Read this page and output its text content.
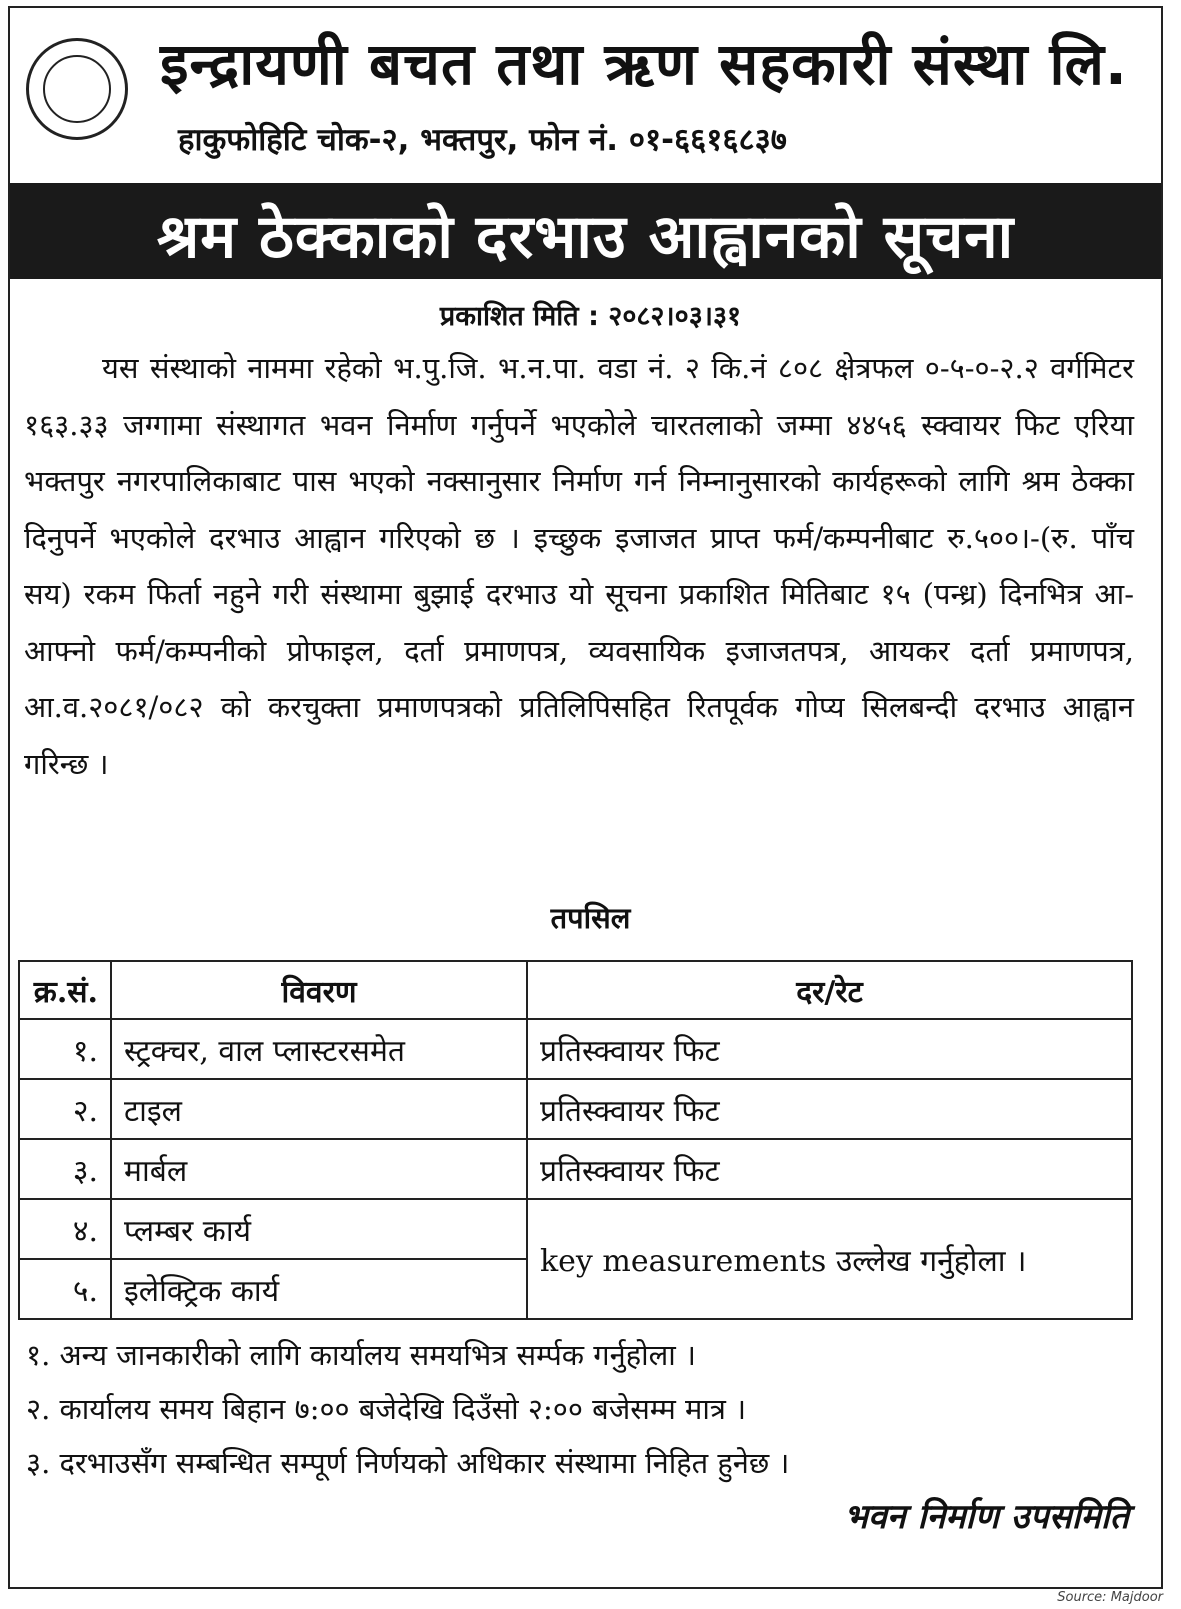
इन्द्रायणी बचत तथा ऋण सहकारी संस्था लि.
हाकुफोहिटि चोक-२, भक्तपुर, फोन नं. ०१-६६१६८३७
श्रम ठेक्काको दरभाउ आह्वानको सूचना
प्रकाशित मिति : २०८२।०३।३१
यस संस्थाको नाममा रहेको भ.पु.जि. भ.न.पा. वडा नं. २ कि.नं ८०८ क्षेत्रफल ०-५-०-२.२ वर्गमिटर १६३.३३ जग्गामा संस्थागत भवन निर्माण गर्नुपर्ने भएकोले चारतलाको जम्मा ४४५६ स्क्वायर फिट एरिया भक्तपुर नगरपालिकाबाट पास भएको नक्सानुसार निर्माण गर्न निम्नानुसारको कार्यहरूको लागि श्रम ठेक्का दिनुपर्ने भएकोले दरभाउ आह्वान गरिएको छ । इच्छुक इजाजत प्राप्त फर्म/कम्पनीबाट रु.५००।-(रु. पाँच सय) रकम फिर्ता नहुने गरी संस्थामा बुझाई दरभाउ यो सूचना प्रकाशित मितिबाट १५ (पन्ध्र) दिनभित्र आ-आफ्नो फर्म/कम्पनीको प्रोफाइल, दर्ता प्रमाणपत्र, व्यवसायिक इजाजतपत्र, आयकर दर्ता प्रमाणपत्र, आ.व.२०८१/०८२ को करचुक्ता प्रमाणपत्रको प्रतिलिपिसहित रितपूर्वक गोप्य सिलबन्दी दरभाउ आह्वान गरिन्छ ।
तपसिल
क्र.सं.	विवरण	दर/रेट
१.	स्ट्रक्चर, वाल प्लास्टरसमेत	प्रतिस्क्वायर फिट
२.	टाइल	प्रतिस्क्वायर फिट
३.	मार्बल	प्रतिस्क्वायर फिट
४.	प्लम्बर कार्य	key measurements उल्लेख गर्नुहोला ।
५.	इलेक्ट्रिक कार्य	
१. अन्य जानकारीको लागि कार्यालय समयभित्र सर्म्पक गर्नुहोला ।
२. कार्यालय समय बिहान ७:०० बजेदेखि दिउँसो २:०० बजेसम्म मात्र ।
३. दरभाउसँग सम्बन्धित सम्पूर्ण निर्णयको अधिकार संस्थामा निहित हुनेछ ।
भवन निर्माण उपसमिति
Source: Majdoor
